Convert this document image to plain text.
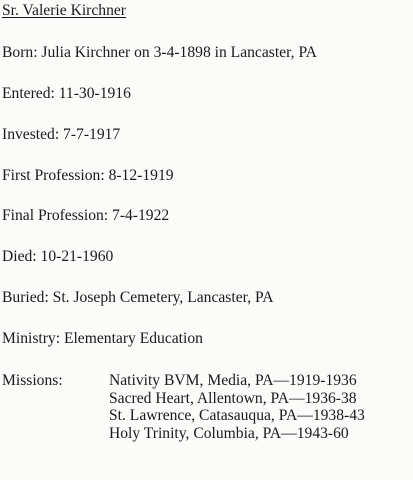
Sr. Valerie Kirchner
Born: Julia Kirchner on 3-4-1898 in Lancaster, PA
Entered: 11-30-1916
Invested: 7-7-1917
First Profession: 8-12-1919
Final Profession: 7-4-1922
Died: 10-21-1960
Buried: St. Joseph Cemetery, Lancaster, PA
Ministry: Elementary Education
Missions:	Nativity BVM, Media, PA—1919-1936
Sacred Heart, Allentown, PA—1936-38
St. Lawrence, Catasauqua, PA—1938-43
Holy Trinity, Columbia, PA—1943-60
